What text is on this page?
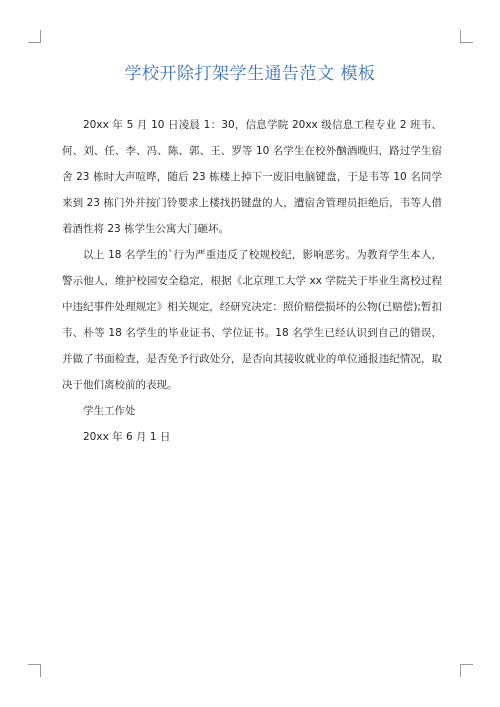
学校开除打架学生通告范文 模板

20xx 年 5 月 10 日凌晨 1：30，信息学院 20xx 级信息工程专业 2 班韦、何、刘、任、李、冯、陈、郭、王、罗等 10 名学生在校外酗酒晚归，路过学生宿舍 23 栋时大声喧哗，随后 23 栋楼上掉下一废旧电脑键盘，于是韦等 10 名同学来到 23 栋门外并按门铃要求上楼找扔键盘的人，遭宿舍管理员拒绝后，韦等人借着酒性将 23 栋学生公寓大门砸坏。

以上 18 名学生的`行为严重违反了校规校纪，影响恶劣。为教育学生本人，警示他人，维护校园安全稳定，根据《北京理工大学 xx 学院关于毕业生离校过程中违纪事件处理规定》相关规定，经研究决定：照价赔偿损坏的公物(已赔偿);暂扣韦、朴等 18 名学生的毕业证书、学位证书。18 名学生已经认识到自己的错误，并做了书面检查，是否免予行政处分，是否向其接收就业的单位通报违纪情况，取决于他们离校前的表现。

学生工作处

20xx 年 6 月 1 日
